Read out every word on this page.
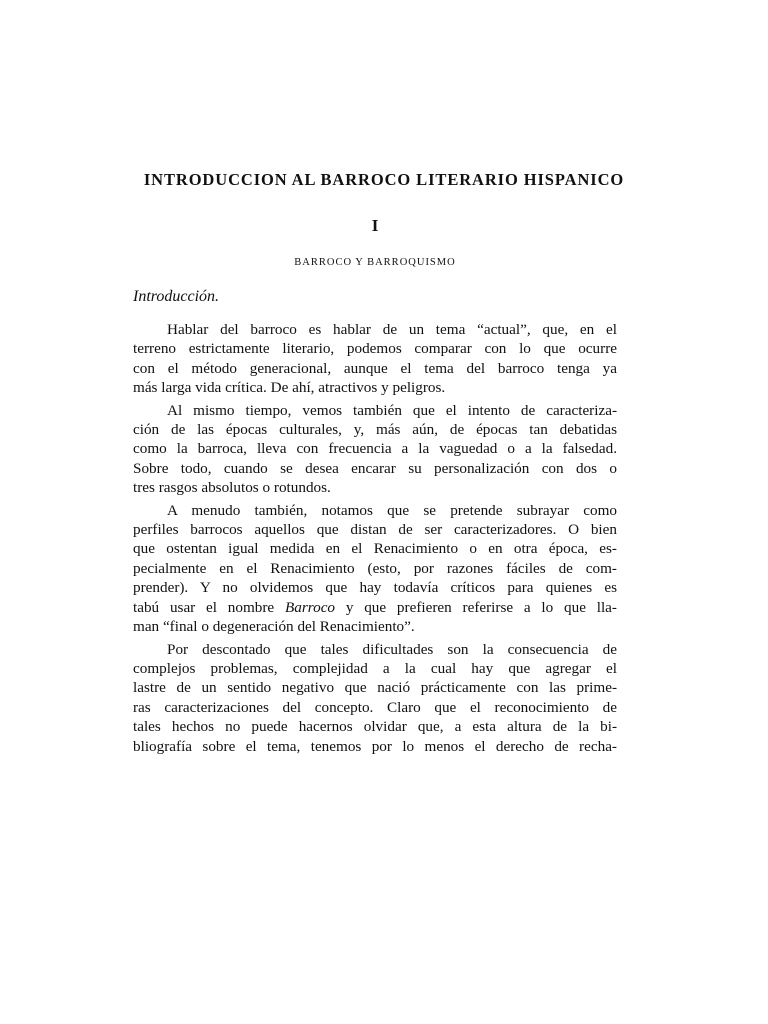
INTRODUCCION AL BARROCO LITERARIO HISPANICO
I
BARROCO Y BARROQUISMO
Introducción.

Hablar del barroco es hablar de un tema “actual”, que, en el
terreno estrictamente literario, podemos comparar con lo que ocurre
con el método generacional, aunque el tema del barroco tenga ya
más larga vida crítica. De ahí, atractivos y peligros.

Al mismo tiempo, vemos también que el intento de caracteriza-
ción de las épocas culturales, y, más aún, de épocas tan debatidas
como la barroca, lleva con frecuencia a la vaguedad o a la falsedad.
Sobre todo, cuando se desea encarar su personalización con dos o
tres rasgos absolutos o rotundos.

A menudo también, notamos que se pretende subrayar como
perfiles barrocos aquellos que distan de ser caracterizadores. O bien
que ostentan igual medida en el Renacimiento o en otra época, es-
pecialmente en el Renacimiento (esto, por razones fáciles de com-
prender). Y no olvidemos que hay todavía críticos para quienes es
tabú usar el nombre Barroco y que prefieren referirse a lo que lla-
man “final o degeneración del Renacimiento”.

Por descontado que tales dificultades son la consecuencia de
complejos problemas, complejidad a la cual hay que agregar el
lastre de un sentido negativo que nació prácticamente con las prime-
ras caracterizaciones del concepto. Claro que el reconocimiento de
tales hechos no puede hacernos olvidar que, a esta altura de la bi-
bliografía sobre el tema, tenemos por lo menos el derecho de recha-
